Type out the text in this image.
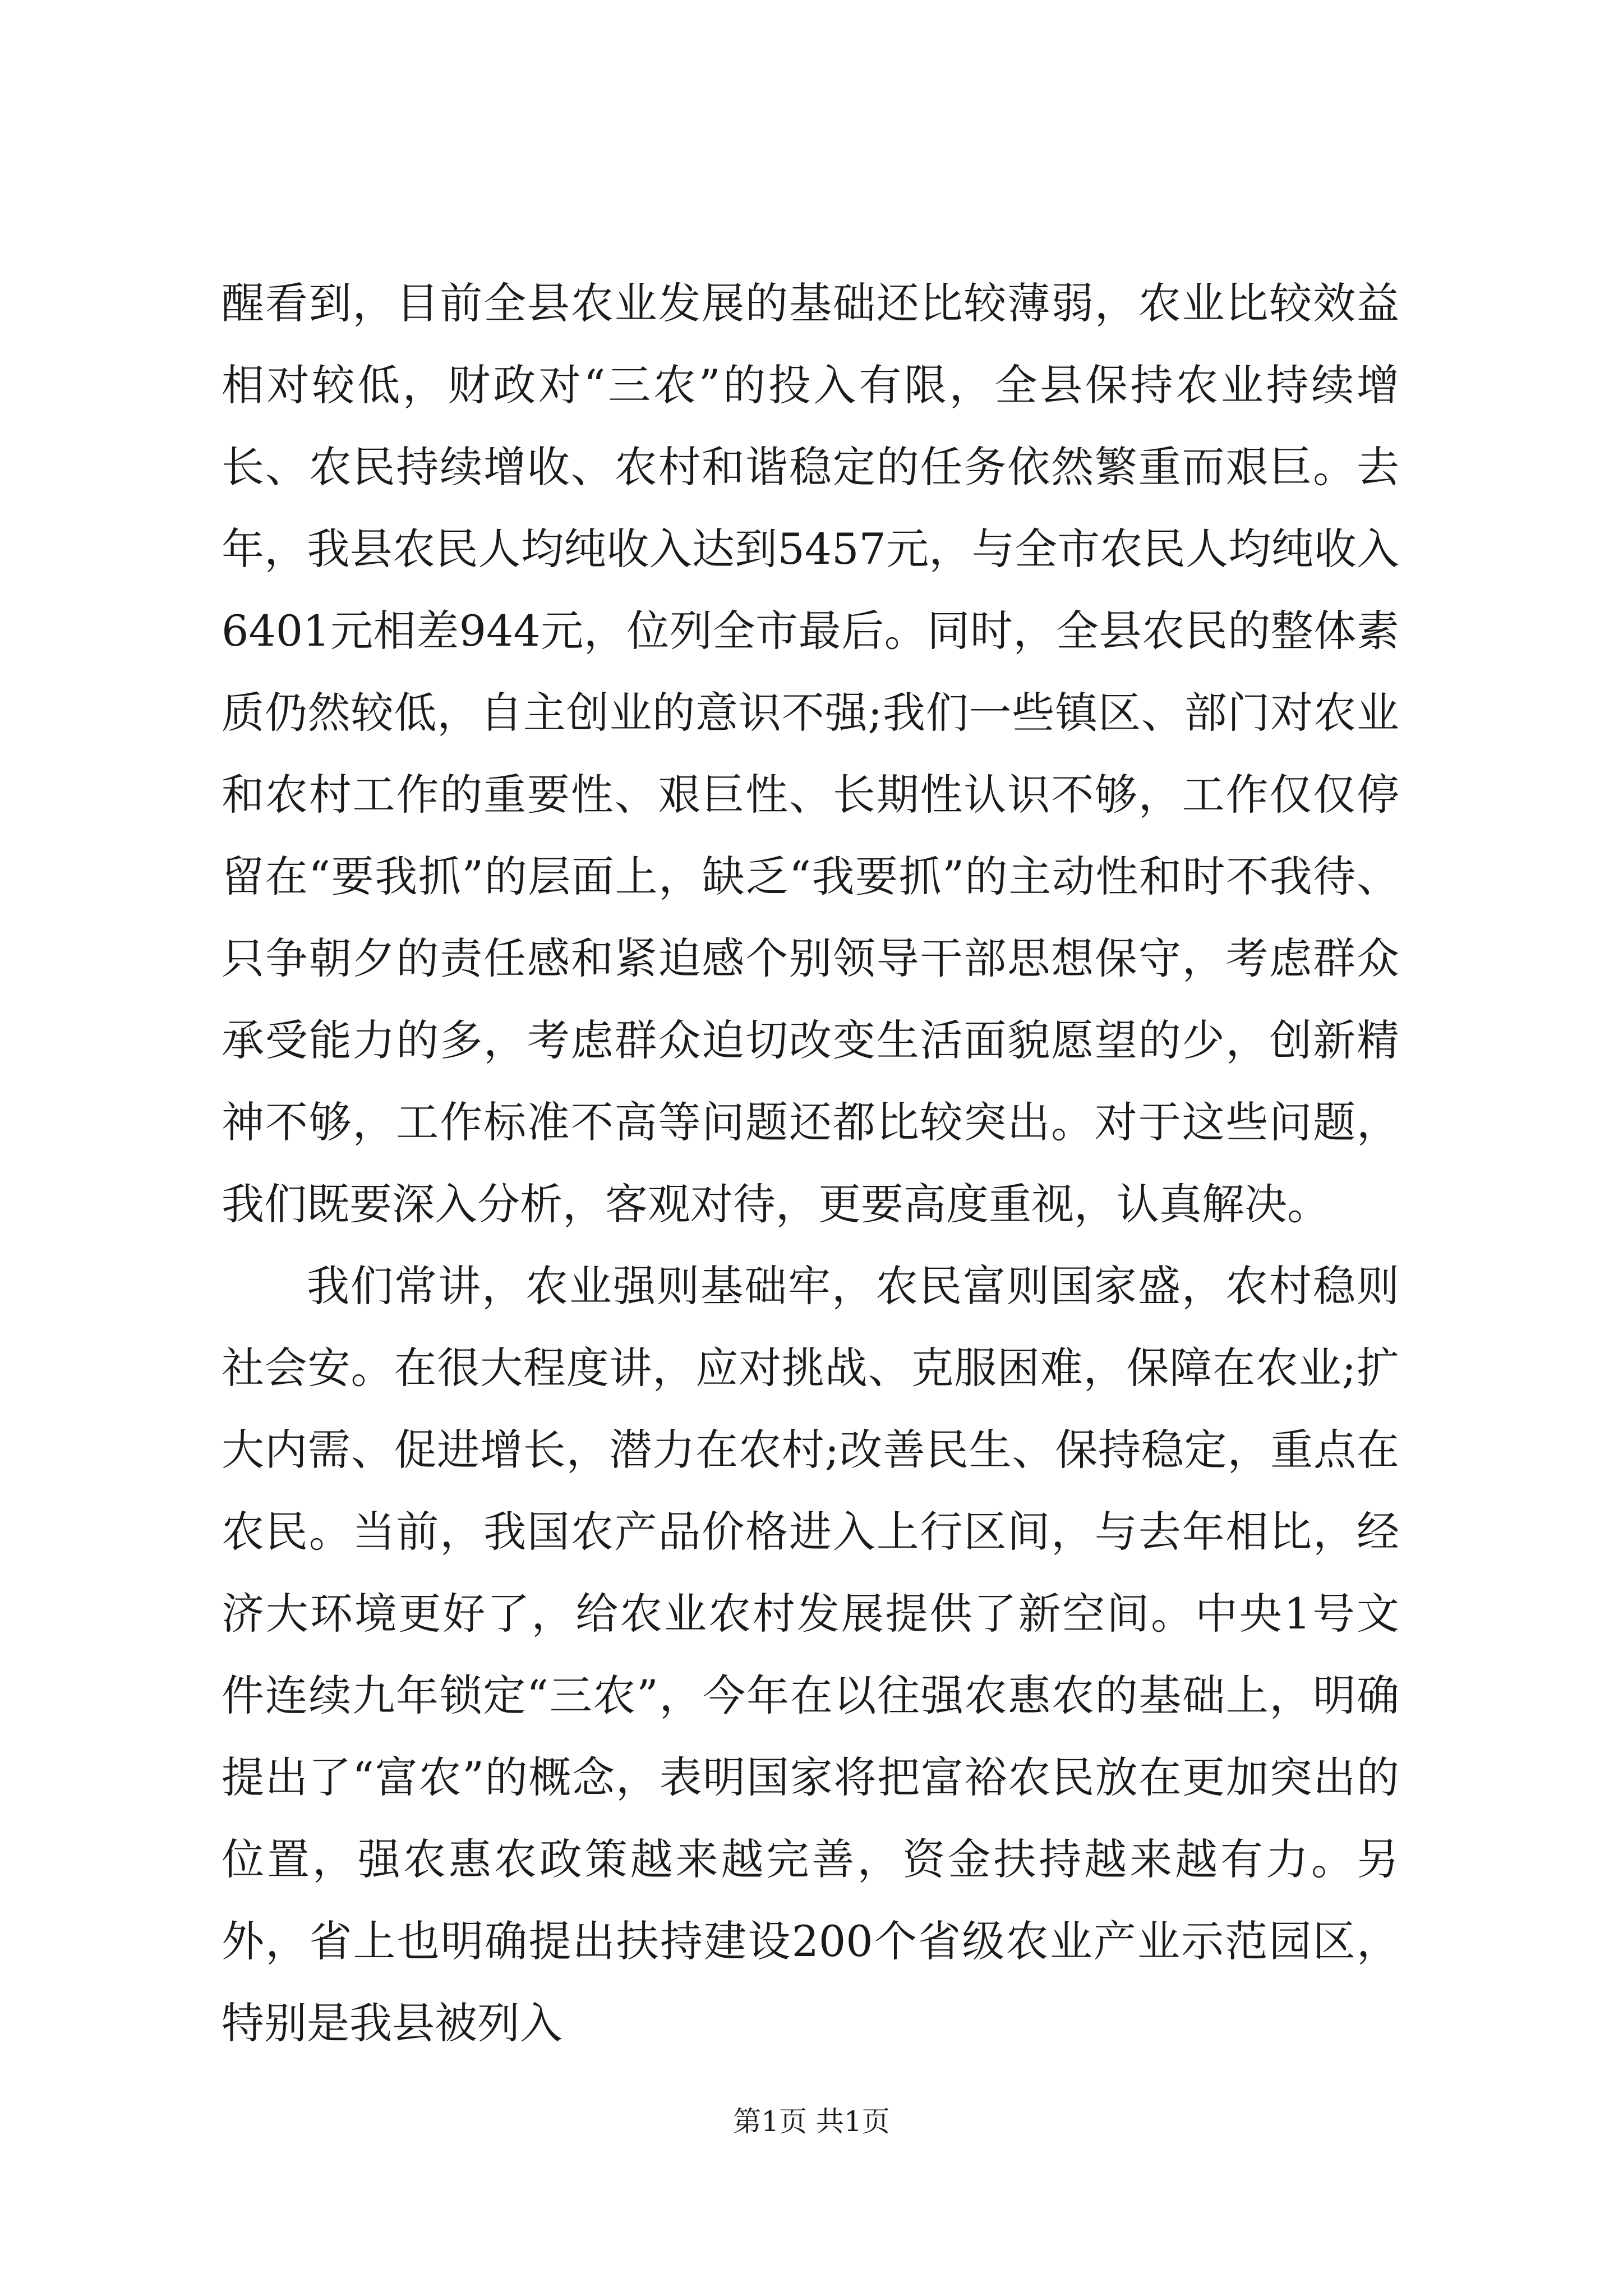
醒看到，目前全县农业发展的基础还比较薄弱，农业比较效益相对较低，财政对“三农”的投入有限，全县保持农业持续增长、农民持续增收、农村和谐稳定的任务依然繁重而艰巨。去年，我县农民人均纯收入达到5457元，与全市农民人均纯收入6401元相差944元，位列全市最后。同时，全县农民的整体素质仍然较低，自主创业的意识不强;我们一些镇区、部门对农业和农村工作的重要性、艰巨性、长期性认识不够，工作仅仅停留在“要我抓”的层面上，缺乏“我要抓”的主动性和时不我待、只争朝夕的责任感和紧迫感个别领导干部思想保守，考虑群众承受能力的多，考虑群众迫切改变生活面貌愿望的少，创新精神不够，工作标准不高等问题还都比较突出。对于这些问题，我们既要深入分析，客观对待，更要高度重视，认真解决。

我们常讲，农业强则基础牢，农民富则国家盛，农村稳则社会安。在很大程度讲，应对挑战、克服困难，保障在农业;扩大内需、促进增长，潜力在农村;改善民生、保持稳定，重点在农民。当前，我国农产品价格进入上行区间，与去年相比，经济大环境更好了，给农业农村发展提供了新空间。中央1号文件连续九年锁定“三农”，今年在以往强农惠农的基础上，明确提出了“富农”的概念，表明国家将把富裕农民放在更加突出的位置，强农惠农政策越来越完善，资金扶持越来越有力。另外，省上也明确提出扶持建设200个省级农业产业示范园区，特别是我县被列入

第1页 共1页
